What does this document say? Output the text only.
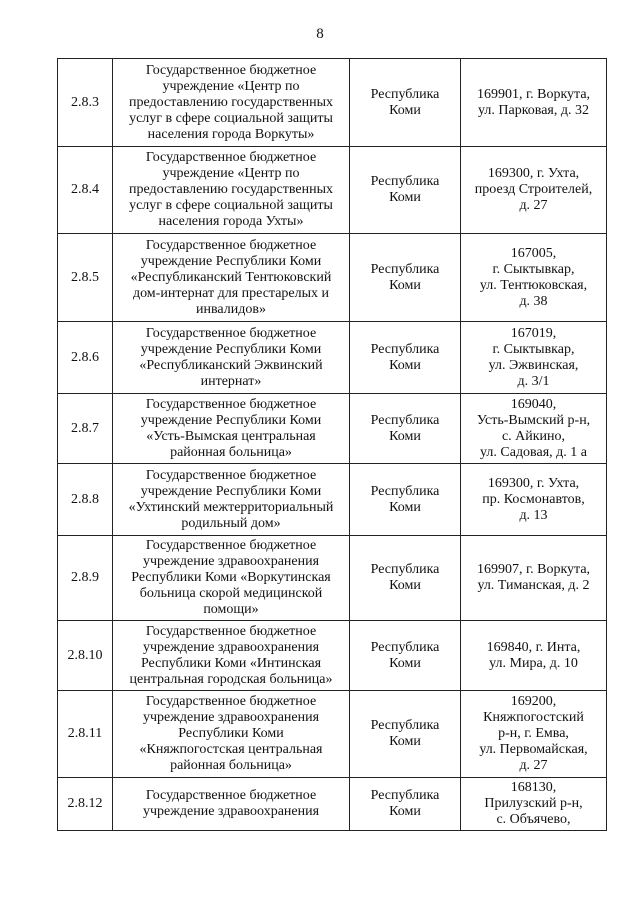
8
2.8.3	Государственное бюджетное
учреждение «Центр по
предоставлению государственных
услуг в сфере социальной защиты
населения города Воркуты»	Республика
Коми	169901, г. Воркута,
ул. Парковая, д. 32

2.8.4	Государственное бюджетное
учреждение «Центр по
предоставлению государственных
услуг в сфере социальной защиты
населения города Ухты»	Республика
Коми	169300, г. Ухта,
проезд Строителей,
д. 27

2.8.5	Государственное бюджетное
учреждение Республики Коми
«Республиканский Тентюковский
дом-интернат для престарелых и
инвалидов»	Республика
Коми	167005,
г. Сыктывкар,
ул. Тентюковская,
д. 38

2.8.6	Государственное бюджетное
учреждение Республики Коми
«Республиканский Эжвинский
интернат»	Республика
Коми	167019,
г. Сыктывкар,
ул. Эжвинская,
д. 3/1

2.8.7	Государственное бюджетное
учреждение Республики Коми
«Усть-Вымская центральная
районная больница»	Республика
Коми	169040,
Усть-Вымский р-н,
с. Айкино,
ул. Садовая, д. 1 а

2.8.8	Государственное бюджетное
учреждение Республики Коми
«Ухтинский межтерриториальный
родильный дом»	Республика
Коми	169300, г. Ухта,
пр. Космонавтов,
д. 13

2.8.9	Государственное бюджетное
учреждение здравоохранения
Республики Коми «Воркутинская
больница скорой медицинской
помощи»	Республика
Коми	169907, г. Воркута,
ул. Тиманская, д. 2

2.8.10	Государственное бюджетное
учреждение здравоохранения
Республики Коми «Интинская
центральная городская больница»	Республика
Коми	169840, г. Инта,
ул. Мира, д. 10

2.8.11	Государственное бюджетное
учреждение здравоохранения
Республики Коми
«Княжпогостская центральная
районная больница»	Республика
Коми	169200,
Княжпогостский
р-н, г. Емва,
ул. Первомайская,
д. 27

2.8.12	Государственное бюджетное
учреждение здравоохранения	Республика
Коми	168130,
Прилузский р-н,
с. Объячево,
